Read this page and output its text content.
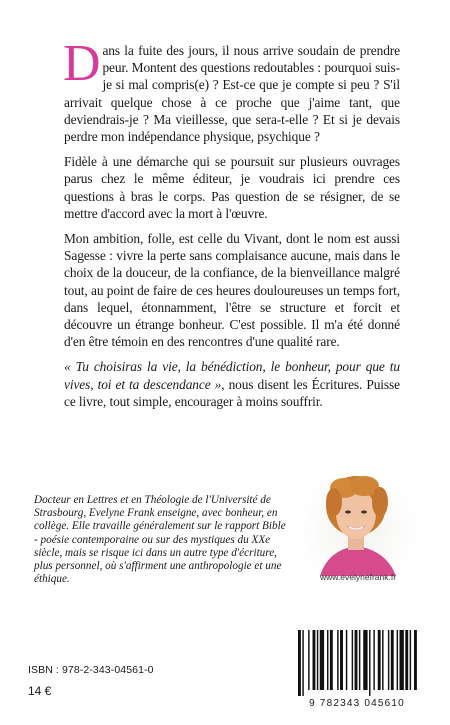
Dans la fuite des jours, il nous arrive soudain de prendre peur. Montent des questions redoutables : pourquoi suis-je si mal compris(e) ? Est-ce que je compte si peu ? S'il arrivait quelque chose à ce proche que j'aime tant, que deviendrais-je ? Ma vieillesse, que sera-t-elle ? Et si je devais perdre mon indépendance physique, psychique ?

Fidèle à une démarche qui se poursuit sur plusieurs ouvrages parus chez le même éditeur, je voudrais ici prendre ces questions à bras le corps. Pas question de se résigner, de se mettre d'accord avec la mort à l'œuvre.

Mon ambition, folle, est celle du Vivant, dont le nom est aussi Sagesse : vivre la perte sans complaisance aucune, mais dans le choix de la douceur, de la confiance, de la bienveillance malgré tout, au point de faire de ces heures douloureuses un temps fort, dans lequel, étonnamment, l'être se structure et forcit et découvre un étrange bonheur. C'est possible. Il m'a été donné d'en être témoin en des rencontres d'une qualité rare.

« Tu choisiras la vie, la bénédiction, le bonheur, pour que tu vives, toi et ta descendance », nous disent les Écritures. Puisse ce livre, tout simple, encourager à moins souffrir.

Docteur en Lettres et en Théologie de l'Université de Strasbourg, Evelyne Frank enseigne, avec bonheur, en collège. Elle travaille généralement sur le rapport Bible - poésie contemporaine ou sur des mystiques du XXe siècle, mais se risque ici dans un autre type d'écriture, plus personnel, où s'affirment une anthropologie et une éthique.	www.evelynefrank.fr
ISBN : 978-2-343-04561-0
14 €
9 782343 045610
